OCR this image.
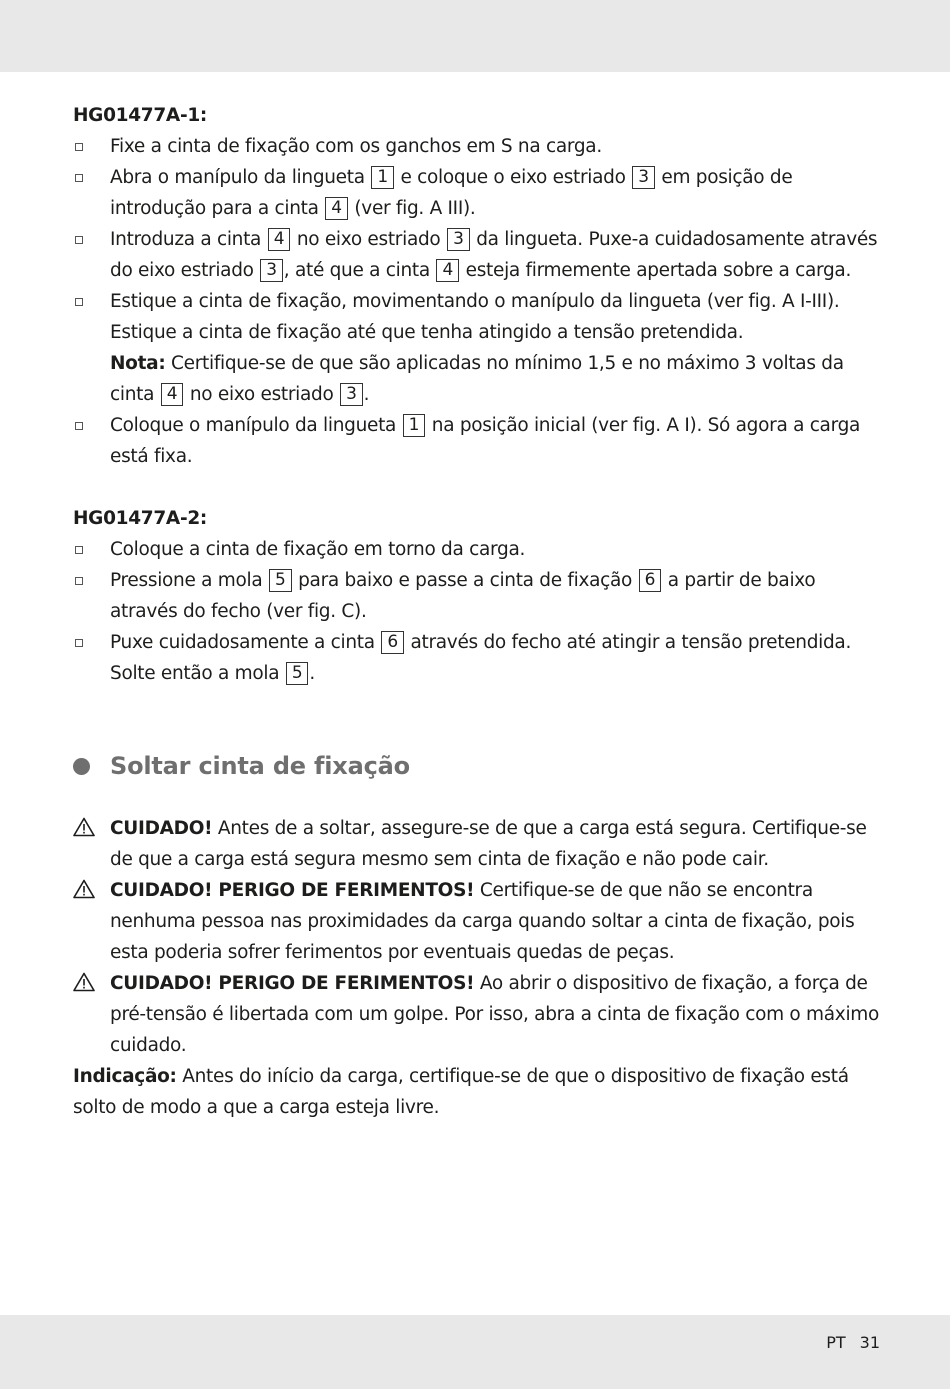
HG01477A-1:

Fixe a cinta de fixação com os ganchos em S na carga.

Abra o manípulo da lingueta 1 e coloque o eixo estriado 3 em posição de introdução para a cinta 4 (ver fig. A III).

Introduza a cinta 4 no eixo estriado 3 da lingueta. Puxe-a cuidadosamente através do eixo estriado 3 , até que a cinta 4 esteja firmemente apertada sobre a carga.

Estique a cinta de fixação, movimentando o manípulo da lingueta (ver fig. A I-III). Estique a cinta de fixação até que tenha atingido a tensão pretendida.

Nota: Certifique-se de que são aplicadas no mínimo 1,5 e no máximo 3 voltas da cinta 4 no eixo estriado 3 .

Coloque o manípulo da lingueta 1 na posição inicial (ver fig. A I). Só agora a carga está fixa.

HG01477A-2:

Coloque a cinta de fixação em torno da carga.

Pressione a mola 5 para baixo e passe a cinta de fixação 6 a partir de baixo através do fecho (ver fig. C).

Puxe cuidadosamente a cinta 6 através do fecho até atingir a tensão pretendida. Solte então a mola 5 .

Soltar cinta de fixação

CUIDADO! Antes de a soltar, assegure-se de que a carga está segura. Certifique-se de que a carga está segura mesmo sem cinta de fixação e não pode cair.

CUIDADO! PERIGO DE FERIMENTOS! Certifique-se de que não se encontra nenhuma pessoa nas proximidades da carga quando soltar a cinta de fixação, pois esta poderia sofrer ferimentos por eventuais quedas de peças.

CUIDADO! PERIGO DE FERIMENTOS! Ao abrir o dispositivo de fixação, a força de pré-tensão é libertada com um golpe. Por isso, abra a cinta de fixação com o máximo cuidado.

Indicação: Antes do início da carga, certifique-se de que o dispositivo de fixação está solto de modo a que a carga esteja livre.

PT 31
